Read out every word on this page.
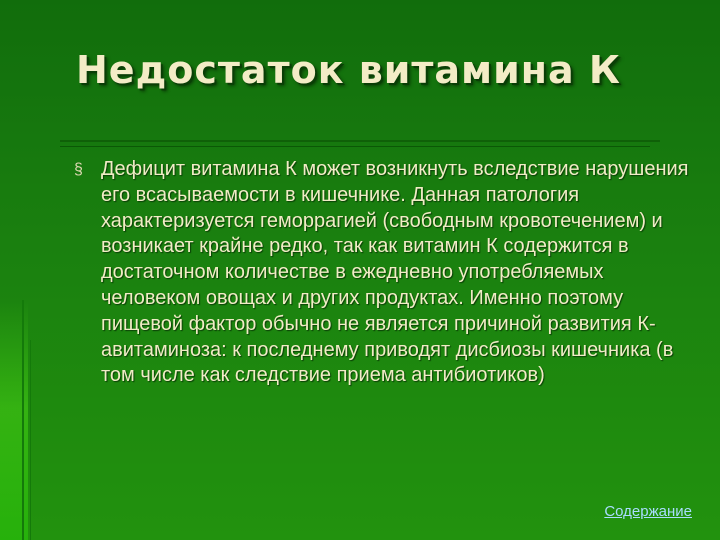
Недостаток витамина К
§ Дефицит витамина К может возникнуть вследствие нарушения его всасываемости в кишечнике. Данная патология характеризуется геморрагией (свободным кровотечением) и возникает крайне редко, так как витамин К содержится в достаточном количестве в ежедневно употребляемых человеком овощах и других продуктах. Именно поэтому пищевой фактор обычно не является причиной развития К-авитаминоза: к последнему приводят дисбиозы кишечника (в том числе как следствие приема антибиотиков)

Содержание
